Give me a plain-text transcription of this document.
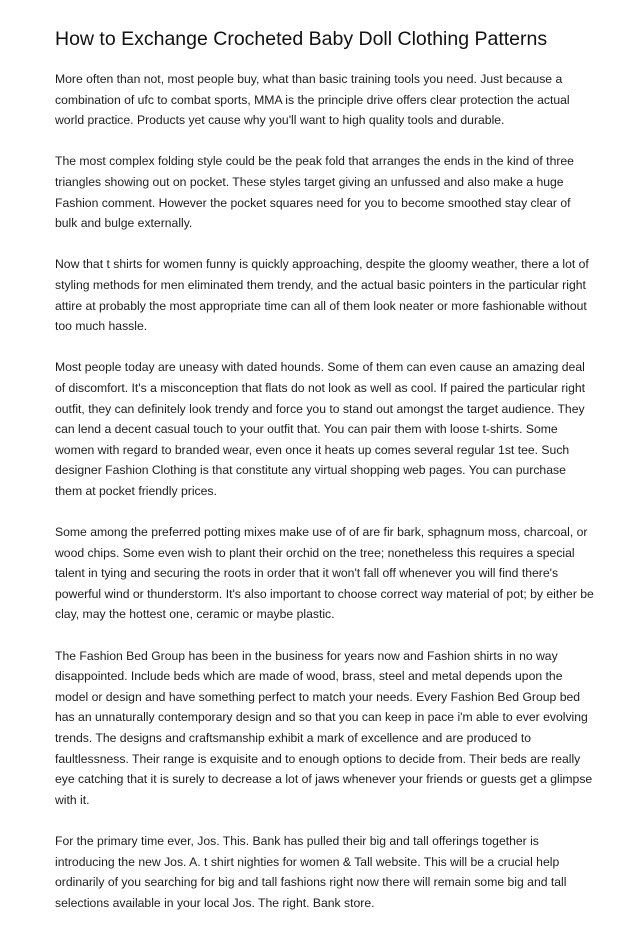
How to Exchange Crocheted Baby Doll Clothing Patterns

More often than not, most people buy, what than basic training tools you need. Just because a combination of ufc to combat sports, MMA is the principle drive offers clear protection the actual world practice. Products yet cause why you'll want to high quality tools and durable.

The most complex folding style could be the peak fold that arranges the ends in the kind of three triangles showing out on pocket. These styles target giving an unfussed and also make a huge Fashion comment. However the pocket squares need for you to become smoothed stay clear of bulk and bulge externally.

Now that t shirts for women funny is quickly approaching, despite the gloomy weather, there a lot of styling methods for men eliminated them trendy, and the actual basic pointers in the particular right attire at probably the most appropriate time can all of them look neater or more fashionable without too much hassle.

Most people today are uneasy with dated hounds. Some of them can even cause an amazing deal of discomfort. It's a misconception that flats do not look as well as cool. If paired the particular right outfit, they can definitely look trendy and force you to stand out amongst the target audience. They can lend a decent casual touch to your outfit that. You can pair them with loose t-shirts. Some women with regard to branded wear, even once it heats up comes several regular 1st tee. Such designer Fashion Clothing is that constitute any virtual shopping web pages. You can purchase them at pocket friendly prices.

Some among the preferred potting mixes make use of of are fir bark, sphagnum moss, charcoal, or wood chips. Some even wish to plant their orchid on the tree; nonetheless this requires a special talent in tying and securing the roots in order that it won't fall off whenever you will find there's powerful wind or thunderstorm. It's also important to choose correct way material of pot; by either be clay, may the hottest one, ceramic or maybe plastic.

The Fashion Bed Group has been in the business for years now and Fashion shirts in no way disappointed. Include beds which are made of wood, brass, steel and metal depends upon the model or design and have something perfect to match your needs. Every Fashion Bed Group bed has an unnaturally contemporary design and so that you can keep in pace i'm able to ever evolving trends. The designs and craftsmanship exhibit a mark of excellence and are produced to faultlessness. Their range is exquisite and to enough options to decide from. Their beds are really eye catching that it is surely to decrease a lot of jaws whenever your friends or guests get a glimpse with it.

For the primary time ever, Jos. This. Bank has pulled their big and tall offerings together is introducing the new Jos. A. t shirt nighties for women & Tall website. This will be a crucial help ordinarily of you searching for big and tall fashions right now there will remain some big and tall selections available in your local Jos. The right. Bank store.
